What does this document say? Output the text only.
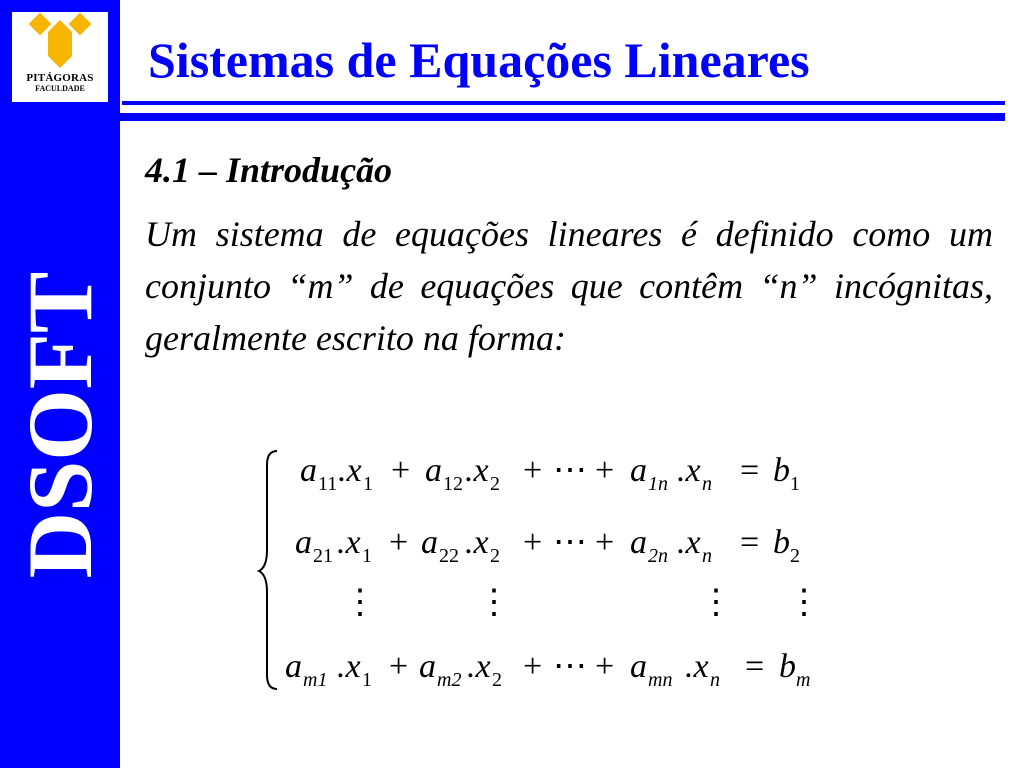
PITÁGORAS
FACULDADE
DSOFT
Sistemas de Equações Lineares
4.1 – Introdução
Um sistema de equações lineares é definido como um conjunto “m” de equações que contêm “n” incógnitas, geralmente escrito na forma:
a 11 .x 1 + a 12 .x 2 + ⋯ + a 1n .x n = b 1
a 21 .x 1 + a 22 .x 2 + ⋯ + a 2n .x n = b 2
⋮	⋮	⋮ ⋮
a m1 .x 1 + a m2 .x 2 + ⋯ + a mn .x n = b m
